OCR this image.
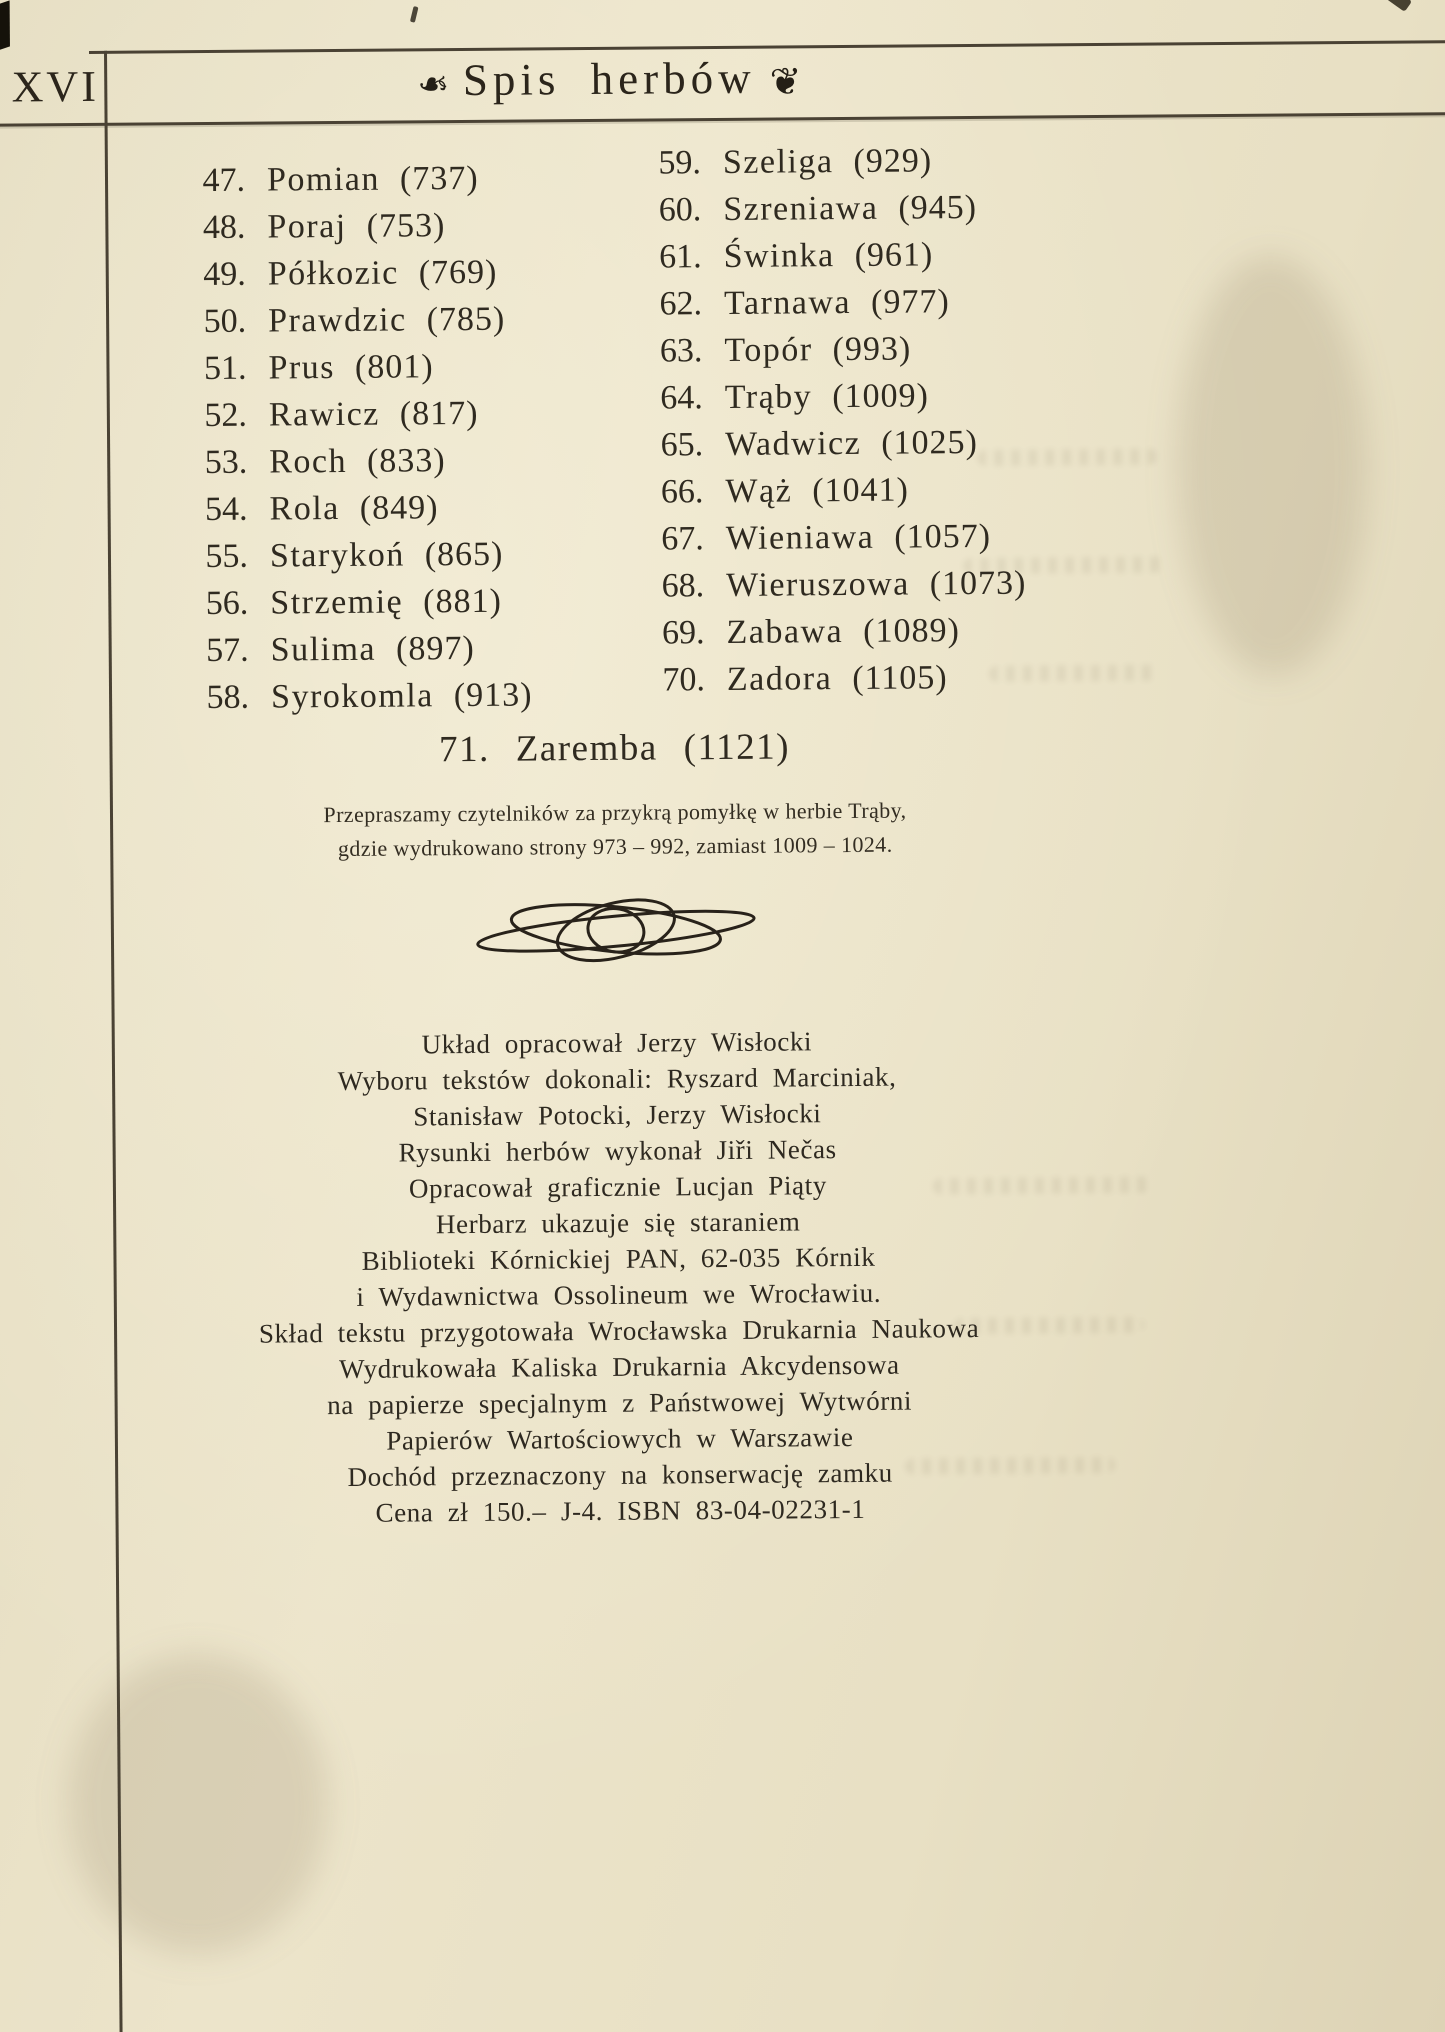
XVI	❧ Spis herbów ❦
47. Pomian (737)
48. Poraj (753)
49. Półkozic (769)
50. Prawdzic (785)
51. Prus (801)
52. Rawicz (817)
53. Roch (833)
54. Rola (849)
55. Starykoń (865)
56. Strzemię (881)
57. Sulima (897)
58. Syrokomla (913)
59. Szeliga (929)
60. Szreniawa (945)
61. Świnka (961)
62. Tarnawa (977)
63. Topór (993)
64. Trąby (1009)
65. Wadwicz (1025)
66. Wąż (1041)
67. Wieniawa (1057)
68. Wieruszowa (1073)
69. Zabawa (1089)
70. Zadora (1105)
71. Zaremba (1121)
Przepraszamy czytelników za przykrą pomyłkę w herbie Trąby,
gdzie wydrukowano strony 973 – 992, zamiast 1009 – 1024.
Układ opracował Jerzy Wisłocki
Wyboru tekstów dokonali: Ryszard Marciniak,
Stanisław Potocki, Jerzy Wisłocki
Rysunki herbów wykonał Jiři Nečas
Opracował graficznie Lucjan Piąty
Herbarz ukazuje się staraniem
Biblioteki Kórnickiej PAN, 62-035 Kórnik
i Wydawnictwa Ossolineum we Wrocławiu.
Skład tekstu przygotowała Wrocławska Drukarnia Naukowa
Wydrukowała Kaliska Drukarnia Akcydensowa
na papierze specjalnym z Państwowej Wytwórni
Papierów Wartościowych w Warszawie
Dochód przeznaczony na konserwację zamku
Cena zł 150.– J-4. ISBN 83-04-02231-1
